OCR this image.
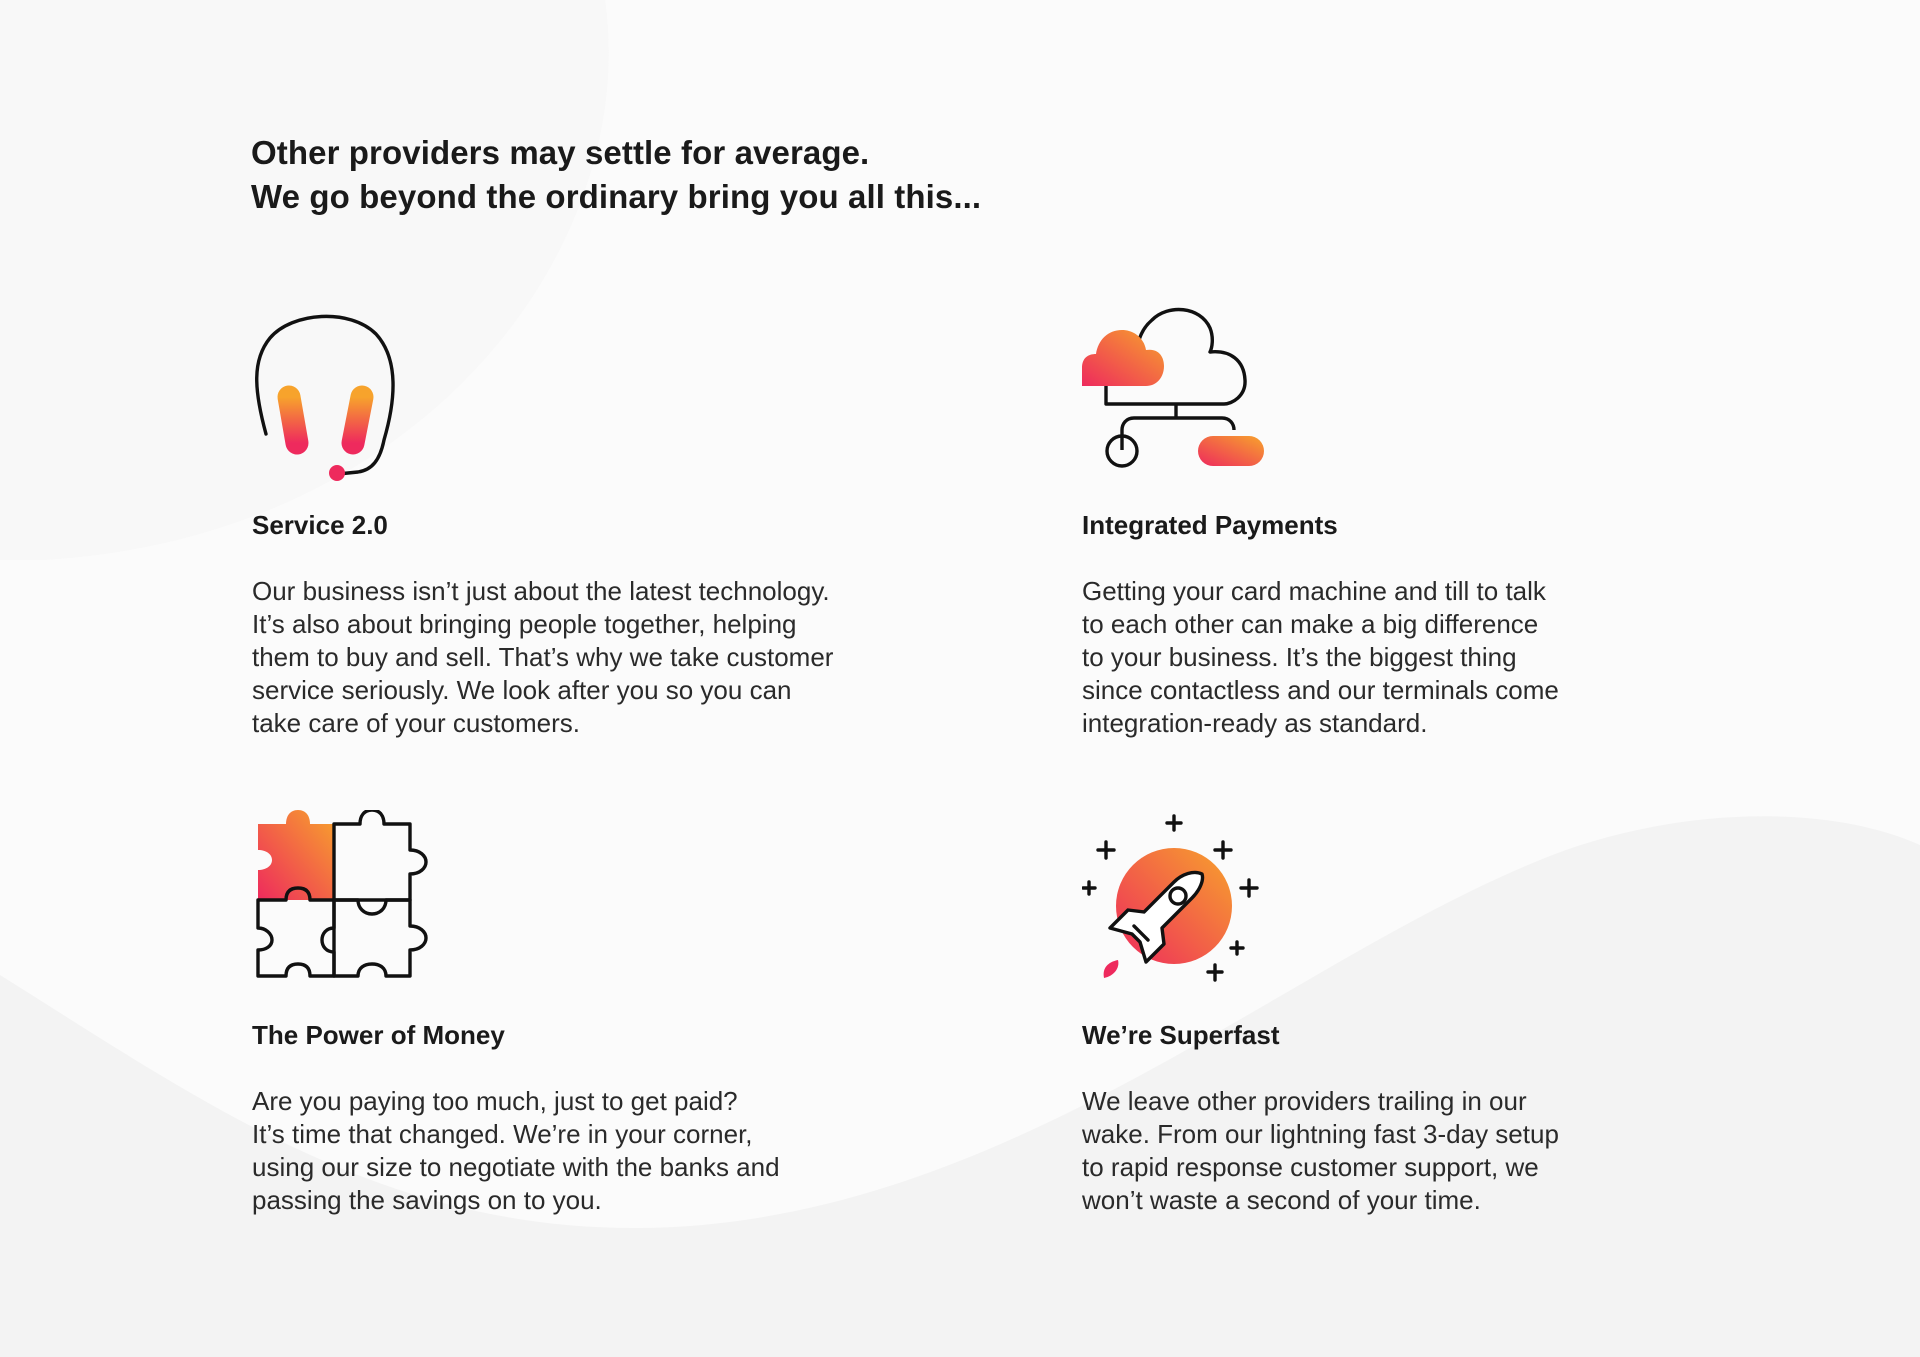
Other providers may settle for average.
We go beyond the ordinary bring you all this...
Service 2.0

Our business isn’t just about the latest technology.
It’s also about bringing people together, helping
them to buy and sell. That’s why we take customer
service seriously. We look after you so you can
take care of your customers.

Integrated Payments

Getting your card machine and till to talk
to each other can make a big difference
to your business. It’s the biggest thing
since contactless and our terminals come
integration-ready as standard.

The Power of Money

Are you paying too much, just to get paid?
It’s time that changed. We’re in your corner,
using our size to negotiate with the banks and
passing the savings on to you.

We’re Superfast

We leave other providers trailing in our
wake. From our lightning fast 3-day setup
to rapid response customer support, we
won’t waste a second of your time.
